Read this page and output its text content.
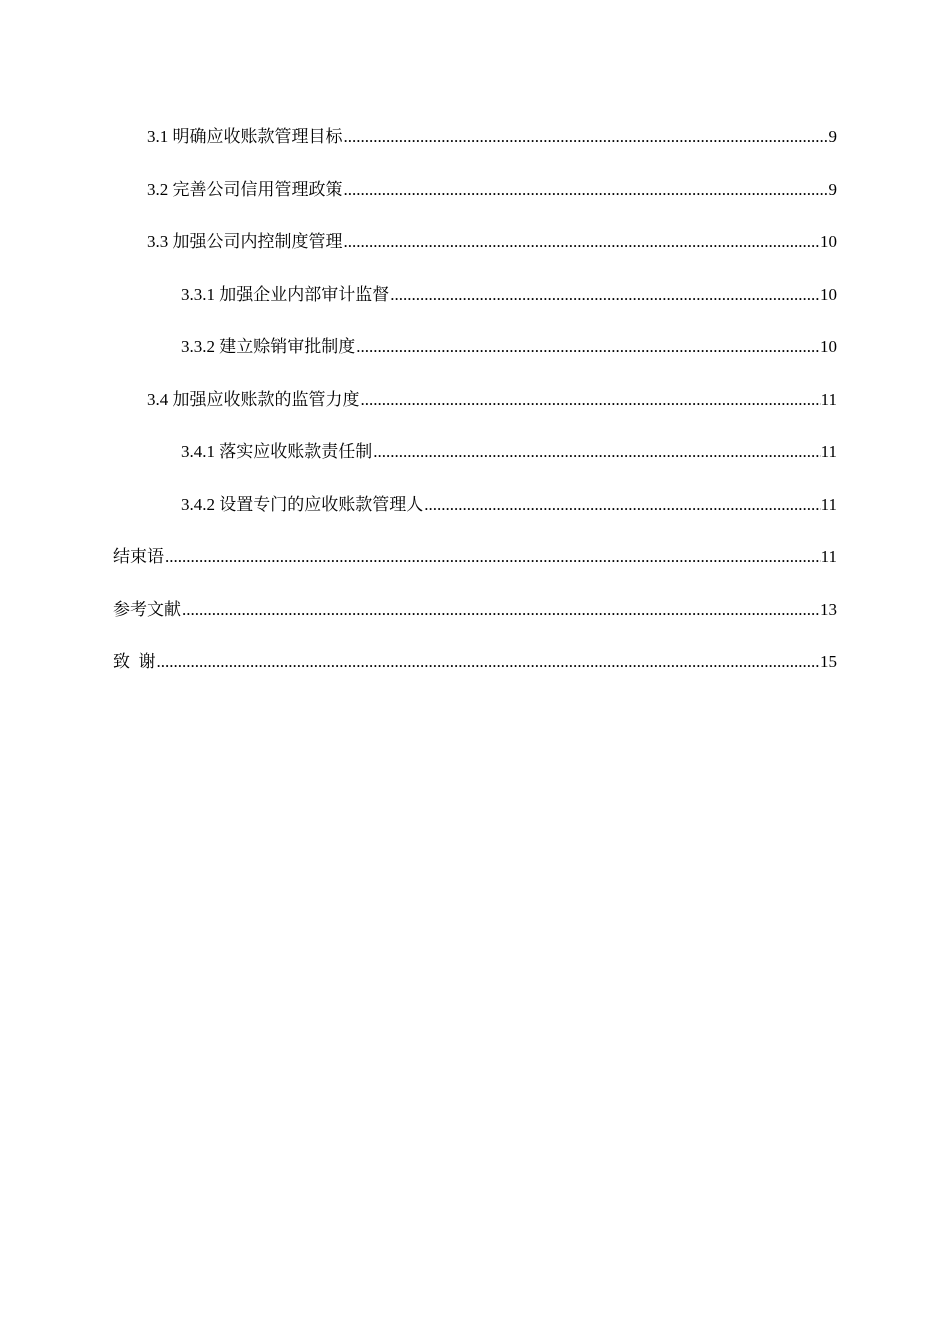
3.1 明确应收账款管理目标 .....	9
3.2 完善公司信用管理政策 .....	9
3.3 加强公司内控制度管理 .....	10
3.3.1 加强企业内部审计监督 .....	10
3.3.2 建立赊销审批制度 .....	10
3.4 加强应收账款的监管力度 .....	11
3.4.1 落实应收账款责任制 .....	11
3.4.2 设置专门的应收账款管理人 .....	11
结束语 .....	11
参考文献 .....	13
致  谢 .....	15
